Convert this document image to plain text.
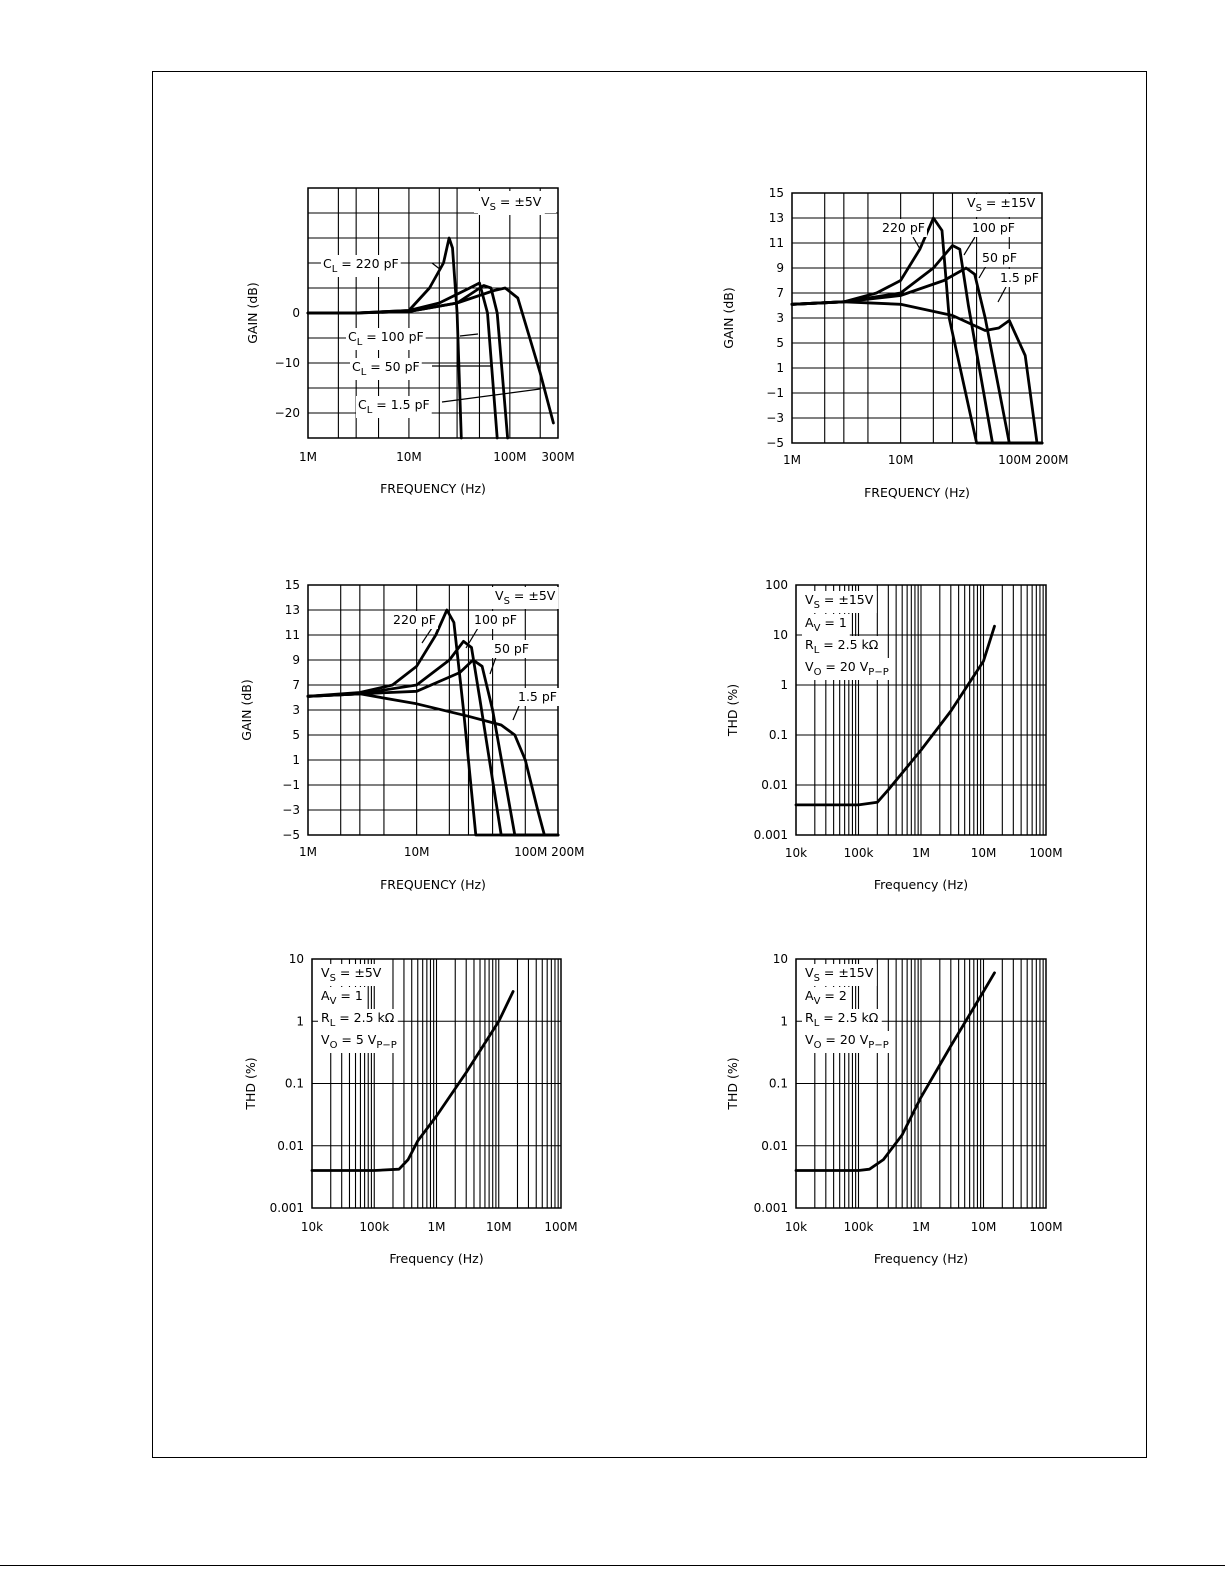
0
−10
−20
1M	10M	100M 300M
FREQUENCY (Hz)
GAIN (dB)
$V_S = \pm 5V$
$C_L = 220$ pF
$C_L = 100$ pF
$C_L = 50$ pF
$C_L = 1.5$ pF
15
13
11
9
7
3
5
1
−1
−3
−5
1M	10M	100M 200M
FREQUENCY (Hz)
GAIN (dB)
$V_S = \pm 15V$
220 pF	100 pF
50 pF
1.5 pF
15
13
11
9
7
3
5
1
−1
−3
−5
1M	10M	100M 200M
FREQUENCY (Hz)
GAIN (dB)
$V_S = \pm 5V$
220 pF	100 pF
50 pF
1.5 pF
100
10
1
0.1
0.01
0.001
10k	100k	1M	10M	100M
Frequency (Hz)
THD (%)
$V_S = \pm 15V$
$A_V = 1$
$R_L = 2.5$ kΩ
$V_O = 20$ $V_{P-P}$
10
1
0.1
0.01
0.001
10k	100k	1M	10M	100M
Frequency (Hz)
THD (%)
$V_S = \pm 5V$
$A_V = 1$
$R_L = 2.5$ kΩ
$V_O = 5$ $V_{P-P}$
10
1
0.1
0.01
0.001
10k	100k	1M	10M	100M
Frequency (Hz)
THD (%)
$V_S = \pm 15V$
$A_V = 2$
$R_L = 2.5$ kΩ
$V_O = 20$ $V_{P-P}$
